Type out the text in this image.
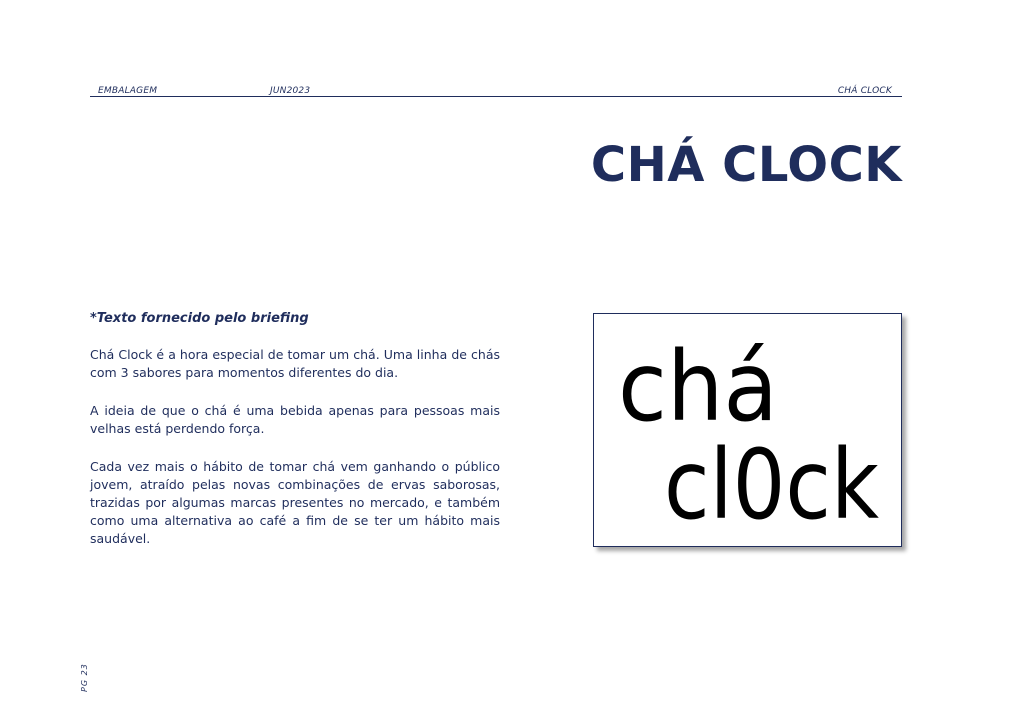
EMBALAGEM	JUN2023	CHÁ CLOCK
CHÁ CLOCK
*Texto fornecido pelo briefing

Chá Clock é a hora especial de tomar um chá. Uma linha de chás com 3 sabores para momentos diferentes do dia.

A ideia de que o chá é uma bebida apenas para pessoas mais velhas está perdendo força.

Cada vez mais o hábito de tomar chá vem ganhando o público jovem, atraído pelas novas combinações de ervas saborosas, trazidas por algumas marcas presentes no mercado, e também como uma alternativa ao café a fim de se ter um hábito mais saudável.

chá
cl0ck
PG 23
